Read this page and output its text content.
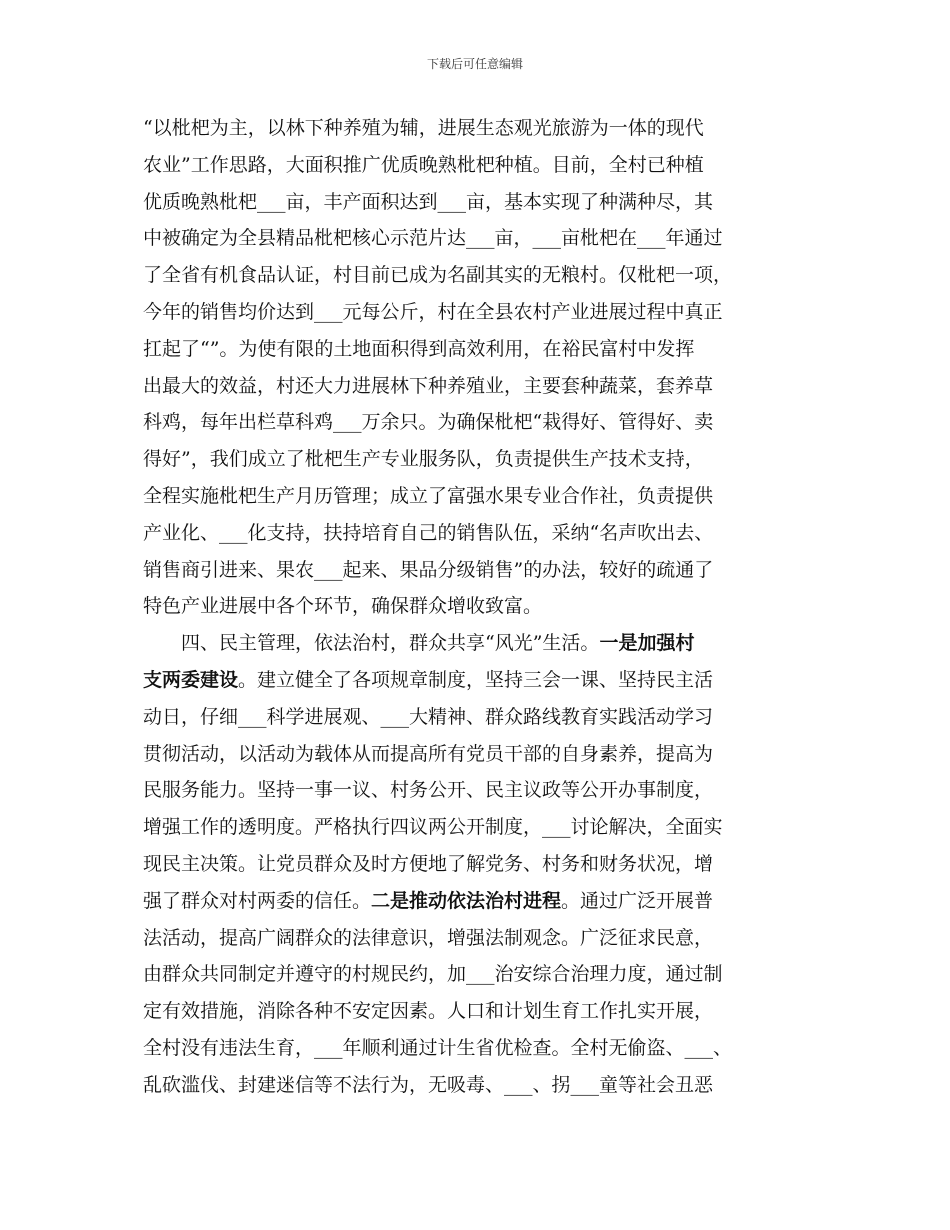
下载后可任意编辑
“以枇杷为主，以林下种养殖为辅，进展生态观光旅游为一体的现代
农业”工作思路，大面积推广优质晚熟枇杷种植。目前，全村已种植
优质晚熟枇杷___亩，丰产面积达到___亩，基本实现了种满种尽，其
中被确定为全县精品枇杷核心示范片达___亩，___亩枇杷在___年通过
了全省有机食品认证，村目前已成为名副其实的无粮村。仅枇杷一项，
今年的销售均价达到___元每公斤，村在全县农村产业进展过程中真正
扛起了“”。为使有限的土地面积得到高效利用，在裕民富村中发挥
出最大的效益，村还大力进展林下种养殖业，主要套种蔬菜，套养草
科鸡，每年出栏草科鸡___万余只。为确保枇杷“栽得好、管得好、卖
得好”，我们成立了枇杷生产专业服务队，负责提供生产技术支持，
全程实施枇杷生产月历管理；成立了富强水果专业合作社，负责提供
产业化、___化支持，扶持培育自己的销售队伍，采纳“名声吹出去、
销售商引进来、果农___起来、果品分级销售”的办法，较好的疏通了
特色产业进展中各个环节，确保群众增收致富。
四、民主管理，依法治村，群众共享“风光”生活。一是加强村
支两委建设。建立健全了各项规章制度，坚持三会一课、坚持民主活
动日，仔细___科学进展观、___大精神、群众路线教育实践活动学习
贯彻活动，以活动为载体从而提高所有党员干部的自身素养，提高为
民服务能力。坚持一事一议、村务公开、民主议政等公开办事制度，
增强工作的透明度。严格执行四议两公开制度，___讨论解决，全面实
现民主决策。让党员群众及时方便地了解党务、村务和财务状况，增
强了群众对村两委的信任。二是推动依法治村进程。通过广泛开展普
法活动，提高广阔群众的法律意识，增强法制观念。广泛征求民意，
由群众共同制定并遵守的村规民约，加___治安综合治理力度，通过制
定有效措施，消除各种不安定因素。人口和计划生育工作扎实开展，
全村没有违法生育，___年顺利通过计生省优检查。全村无偷盗、___、
乱砍滥伐、封建迷信等不法行为，无吸毒、___、拐___童等社会丑恶
